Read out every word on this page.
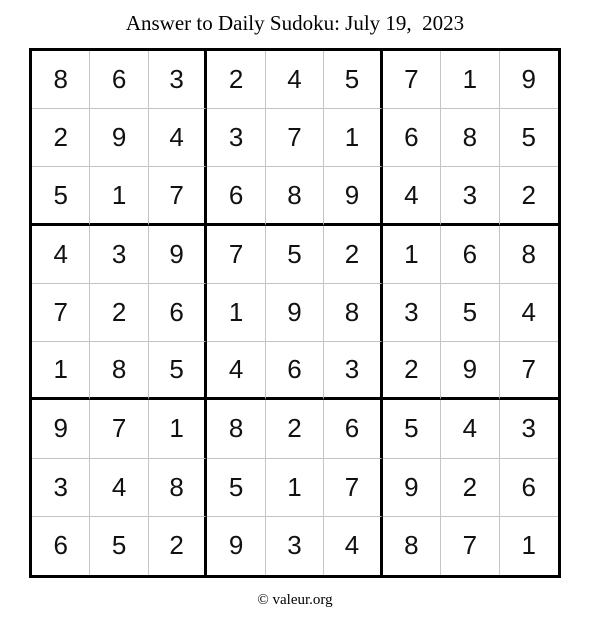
Answer to Daily Sudoku: July 19,  2023
8	6	3	2	4	5	7	1	9
2	9	4	3	7	1	6	8	5
5	1	7	6	8	9	4	3	2
4	3	9	7	5	2	1	6	8
7	2	6	1	9	8	3	5	4
1	8	5	4	6	3	2	9	7
9	7	1	8	2	6	5	4	3
3	4	8	5	1	7	9	2	6
6	5	2	9	3	4	8	7	1
© valeur.org
